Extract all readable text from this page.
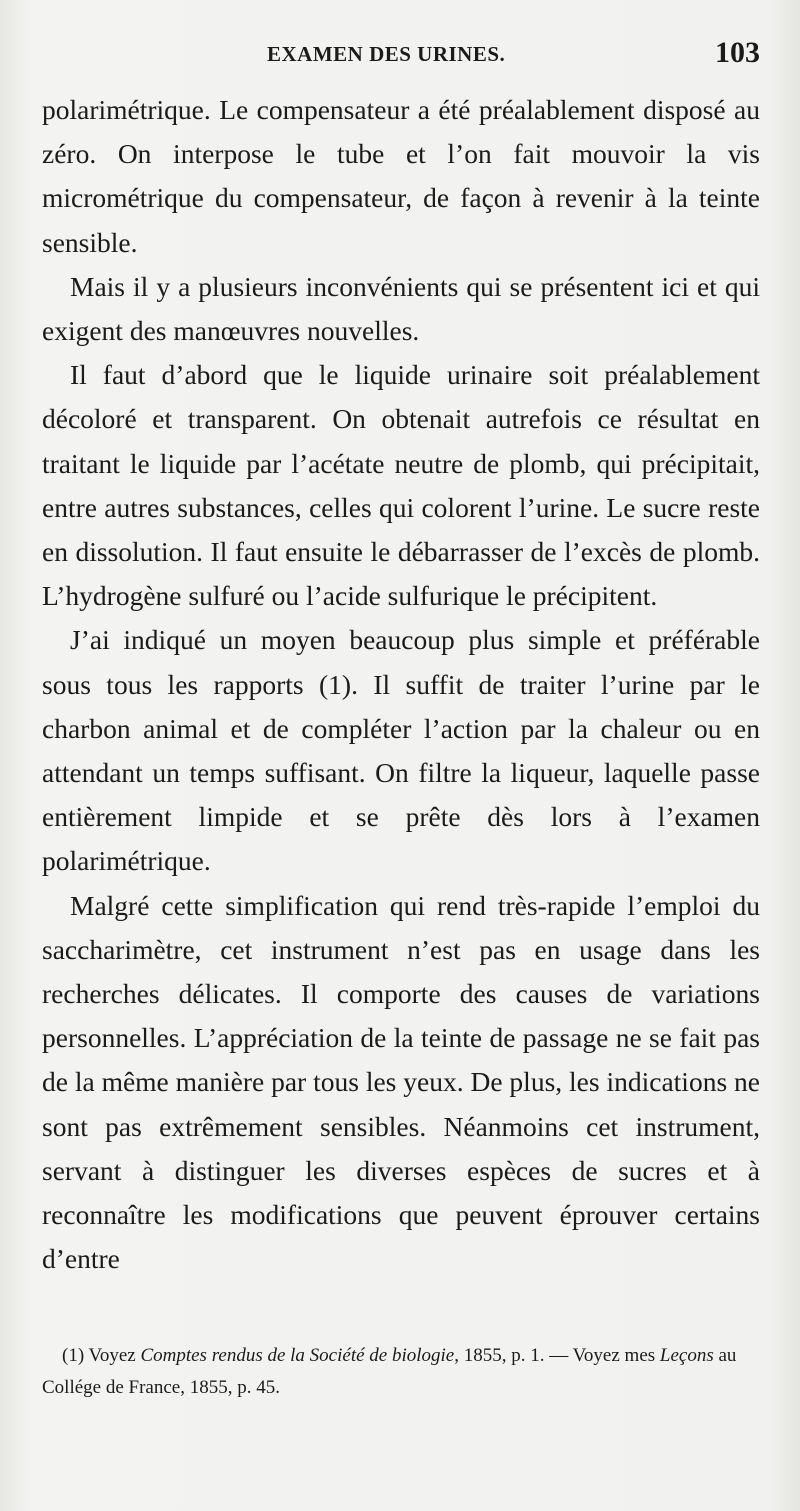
EXAMEN DES URINES.	103

polarimétrique. Le compensateur a été préalablement disposé au zéro. On interpose le tube et l’on fait mouvoir la vis micrométrique du compensateur, de façon à revenir à la teinte sensible.

Mais il y a plusieurs inconvénients qui se présentent ici et qui exigent des manœuvres nouvelles.

Il faut d’abord que le liquide urinaire soit préalablement décoloré et transparent. On obtenait autrefois ce résultat en traitant le liquide par l’acétate neutre de plomb, qui précipitait, entre autres substances, celles qui colorent l’urine. Le sucre reste en dissolution. Il faut ensuite le débarrasser de l’excès de plomb. L’hydrogène sulfuré ou l’acide sulfurique le précipitent.

J’ai indiqué un moyen beaucoup plus simple et préférable sous tous les rapports (1). Il suffit de traiter l’urine par le charbon animal et de compléter l’action par la chaleur ou en attendant un temps suffisant. On filtre la liqueur, laquelle passe entièrement limpide et se prête dès lors à l’examen polarimétrique.

Malgré cette simplification qui rend très-rapide l’emploi du saccharimètre, cet instrument n’est pas en usage dans les recherches délicates. Il comporte des causes de variations personnelles. L’appréciation de la teinte de passage ne se fait pas de la même manière par tous les yeux. De plus, les indications ne sont pas extrêmement sensibles. Néanmoins cet instrument, servant à distinguer les diverses espèces de sucres et à reconnaître les modifications que peuvent éprouver certains d’entre

(1) Voyez Comptes rendus de la Société de biologie, 1855, p. 1. — Voyez mes Leçons au Collége de France, 1855, p. 45.
